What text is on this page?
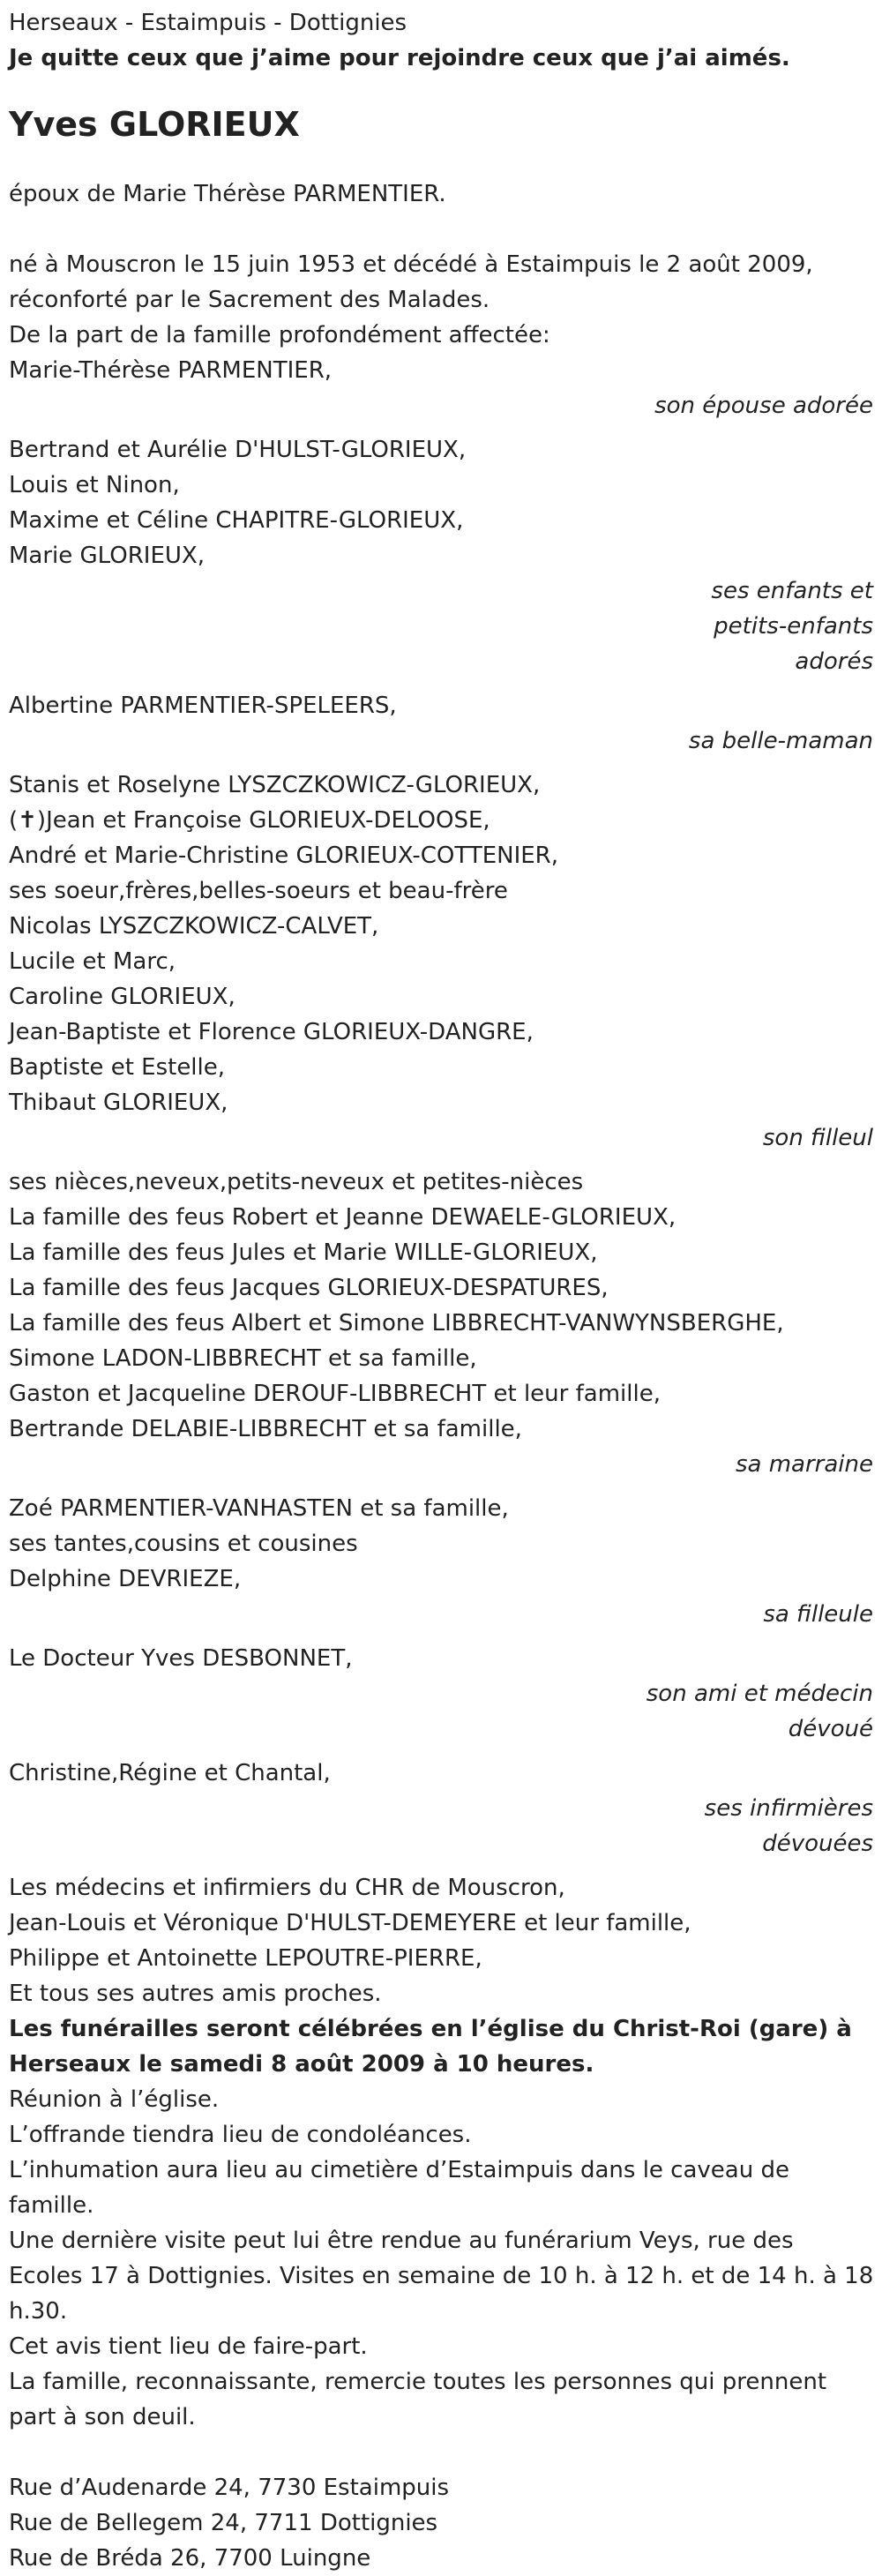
Herseaux - Estaimpuis - Dottignies
Je quitte ceux que j’aime pour rejoindre ceux que j’ai aimés.
Yves GLORIEUX
époux de Marie Thérèse PARMENTIER.
né à Mouscron le 15 juin 1953 et décédé à Estaimpuis le 2 août 2009,
réconforté par le Sacrement des Malades.
De la part de la famille profondément affectée:
Marie-Thérèse PARMENTIER,
son épouse adorée
Bertrand et Aurélie D'HULST-GLORIEUX,
Louis et Ninon,
Maxime et Céline CHAPITRE-GLORIEUX,
Marie GLORIEUX,
ses enfants et
petits-enfants
adorés
Albertine PARMENTIER-SPELEERS,
sa belle-maman
Stanis et Roselyne LYSZCZKOWICZ-GLORIEUX,
(✝)Jean et Françoise GLORIEUX-DELOOSE,
André et Marie-Christine GLORIEUX-COTTENIER,
ses soeur,frères,belles-soeurs et beau-frère
Nicolas LYSZCZKOWICZ-CALVET,
Lucile et Marc,
Caroline GLORIEUX,
Jean-Baptiste et Florence GLORIEUX-DANGRE,
Baptiste et Estelle,
Thibaut GLORIEUX,
son filleul
ses nièces,neveux,petits-neveux et petites-nièces
La famille des feus Robert et Jeanne DEWAELE-GLORIEUX,
La famille des feus Jules et Marie WILLE-GLORIEUX,
La famille des feus Jacques GLORIEUX-DESPATURES,
La famille des feus Albert et Simone LIBBRECHT-VANWYNSBERGHE,
Simone LADON-LIBBRECHT et sa famille,
Gaston et Jacqueline DEROUF-LIBBRECHT et leur famille,
Bertrande DELABIE-LIBBRECHT et sa famille,
sa marraine
Zoé PARMENTIER-VANHASTEN et sa famille,
ses tantes,cousins et cousines
Delphine DEVRIEZE,
sa filleule
Le Docteur Yves DESBONNET,
son ami et médecin
dévoué
Christine,Régine et Chantal,
ses infirmières
dévouées
Les médecins et infirmiers du CHR de Mouscron,
Jean-Louis et Véronique D'HULST-DEMEYERE et leur famille,
Philippe et Antoinette LEPOUTRE-PIERRE,
Et tous ses autres amis proches.
Les funérailles seront célébrées en l’église du Christ-Roi (gare) à
Herseaux le samedi 8 août 2009 à 10 heures.
Réunion à l’église.
L’offrande tiendra lieu de condoléances.
L’inhumation aura lieu au cimetière d’Estaimpuis dans le caveau de
famille.
Une dernière visite peut lui être rendue au funérarium Veys, rue des
Ecoles 17 à Dottignies. Visites en semaine de 10 h. à 12 h. et de 14 h. à 18
h.30.
Cet avis tient lieu de faire-part.
La famille, reconnaissante, remercie toutes les personnes qui prennent
part à son deuil.
Rue d’Audenarde 24, 7730 Estaimpuis
Rue de Bellegem 24, 7711 Dottignies
Rue de Bréda 26, 7700 Luingne
